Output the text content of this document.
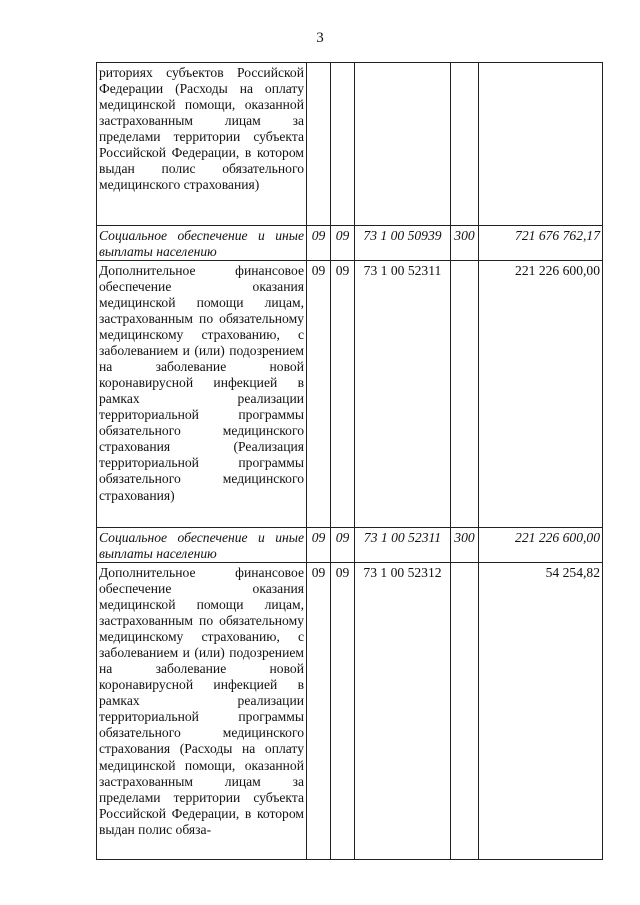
3
риториях субъектов Российской Федерации (Расходы на оплату медицинской помощи, оказанной застрахованным лицам за пределами территории субъекта Российской Федерации, в котором выдан полис обязательного медицинского страхования)					
Социальное обеспечение и иные выплаты населению	09	09	73 1 00 50939	300	721 676 762,17
Дополнительное финансовое обеспечение оказания медицинской помощи лицам, застрахованным по обязательному медицинскому страхованию, с заболеванием и (или) подозрением на заболевание новой коронавирусной инфекцией в рамках реализации территориальной программы обязательного медицинского страхования (Реализация территориальной программы обязательного медицинского страхования)	09	09	73 1 00 52311		221 226 600,00
Социальное обеспечение и иные выплаты населению	09	09	73 1 00 52311	300	221 226 600,00
Дополнительное финансовое обеспечение оказания медицинской помощи лицам, застрахованным по обязательному медицинскому страхованию, с заболеванием и (или) подозрением на заболевание новой коронавирусной инфекцией в рамках реализации территориальной программы обязательного медицинского страхования (Расходы на оплату медицинской помощи, оказанной застрахованным лицам за пределами территории субъекта Российской Федерации, в котором выдан полис обяза-	09	09	73 1 00 52312		54 254,82
